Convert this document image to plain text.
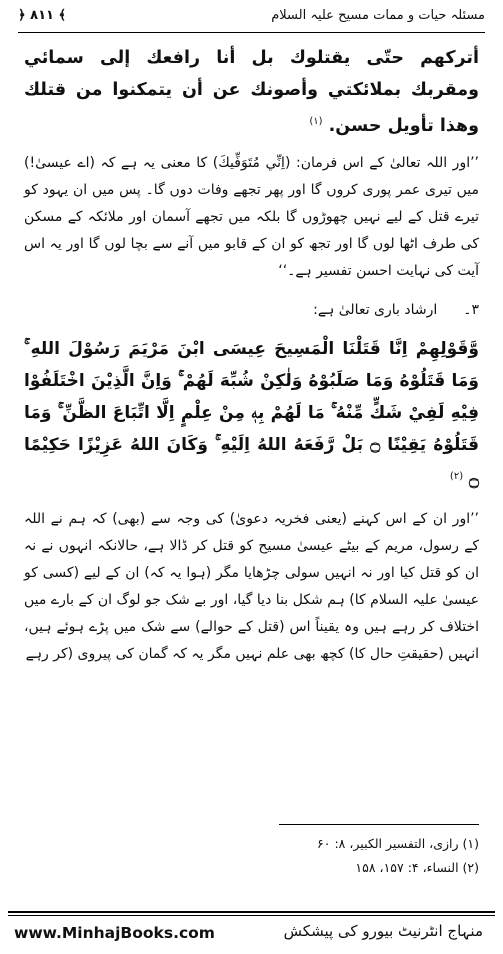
مسئلہ حیات و ممات مسیح علیہ السلام
﴿ ۸۱۱ ﴾

أتركهم حتّى يقتلوك بل أنا رافعك إلى سمائي ومقربك بملائكتي وأصونك عن أن يتمكنوا من قتلك وهذا تأويل حسن. $^{(۱)}$

’’اور اللہ تعالیٰ کے اس فرمان: (اِنِّي مُتَوَفِّيكَ) کا معنی یہ ہے کہ (اے عیسیٰ!) میں تیری عمر پوری کروں گا اور پھر تجھے وفات دوں گا۔ پس میں ان یہود کو تیرے قتل کے لیے نہیں چھوڑوں گا بلکہ میں تجھے آسمان اور ملائکہ کے مسکن کی طرف اٹھا لوں گا اور تجھ کو ان کے قابو میں آنے سے بچا لوں گا اور یہ اس آیت کی نہایت احسن تفسیر ہے۔‘‘

۳۔
ارشاد باری تعالیٰ ہے:

وَّقَوْلِهِمْ اِنَّا قَتَلْنَا الْمَسِيحَ عِيسَى ابْنَ مَرْيَمَ رَسُوْلَ اللهِ ۚ وَمَا قَتَلُوْهُ وَمَا صَلَبُوْهُ وَلٰكِنْ شُبِّهَ لَهُمْ ۚ وَاِنَّ الَّذِيْنَ اخْتَلَفُوْا فِيْهِ لَفِيْ شَكٍّ مِّنْهُ ۚ مَا لَهُمْ بِهٖ مِنْ عِلْمٍ اِلَّا اتِّبَاعَ الظَّنِّ ۚ وَمَا قَتَلُوْهُ يَقِيْنًا ۝ بَلْ رَّفَعَهُ اللهُ اِلَيْهِ ۚ وَكَانَ اللهُ عَزِيْزًا حَكِيْمًا ۝ $^{(۲)}$

’’اور ان کے اس کہنے (یعنی فخریہ دعویٰ) کی وجہ سے (بھی) کہ ہم نے اللہ کے رسول، مریم کے بیٹے عیسیٰ مسیح کو قتل کر ڈالا ہے، حالانکہ انہوں نے نہ ان کو قتل کیا اور نہ انہیں سولی چڑھایا مگر (ہوا یہ کہ) ان کے لیے (کسی کو عیسیٰ علیہ السلام کا) ہم شکل بنا دیا گیا، اور بے شک جو لوگ ان کے بارے میں اختلاف کر رہے ہیں وہ یقیناً اس (قتل کے حوالے) سے شک میں پڑے ہوئے ہیں، انہیں (حقیقتِ حال کا) کچھ بھی علم نہیں مگر یہ کہ گمان کی پیروی (کر رہے

(۱) رازی، التفسیر الکبیر، ۸: ۶۰
(۲) النساء، ۴: ۱۵۷، ۱۵۸
www.MinhajBooks.com	منہاج انٹرنیٹ بیورو کی پیشکش
